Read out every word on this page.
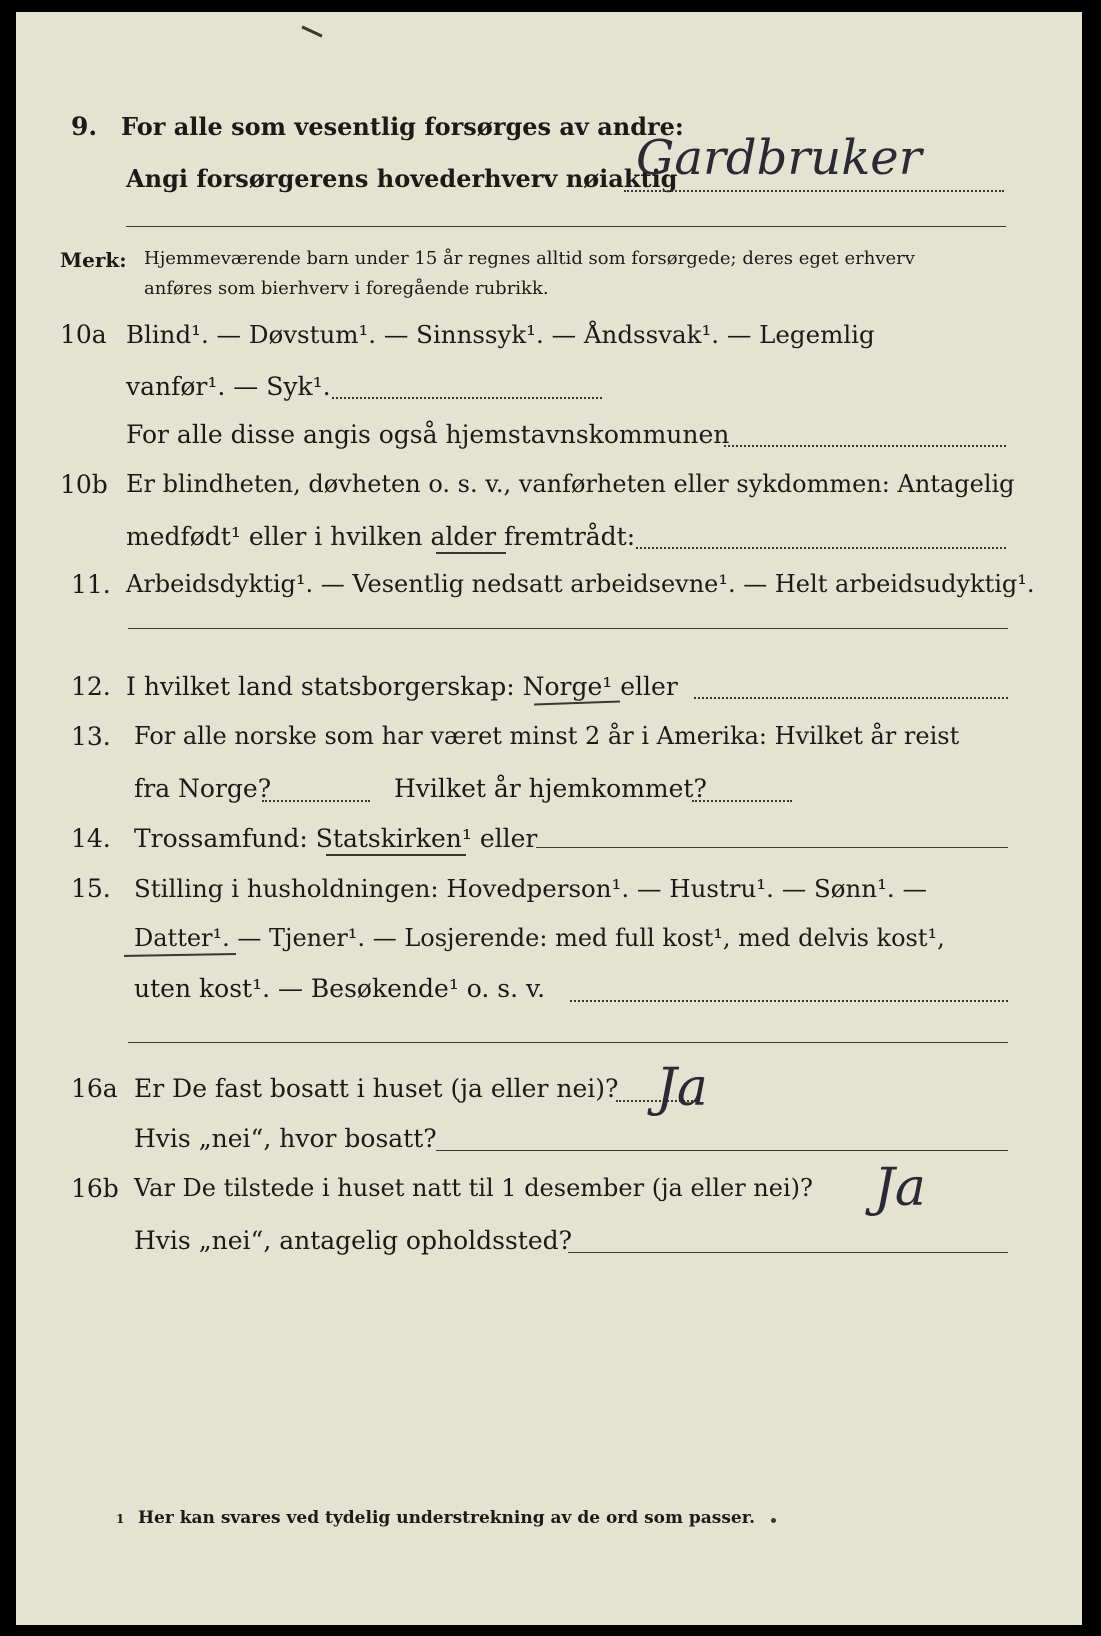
9. For alle som vesentlig forsørges av andre:
Angi forsørgerens hovederhverv nøiaktig
Gardbruker
Merk: Hjemmeværende barn under 15 år regnes alltid som forsørgede; deres eget erhverv
anføres som bierhverv i foregående rubrikk.
10a Blind¹. — Døvstum¹. — Sinnssyk¹. — Åndssvak¹. — Legemlig
vanfør¹. — Syk¹.
For alle disse angis også hjemstavnskommunen
10b Er blindheten, døvheten o. s. v., vanførheten eller sykdommen: Antagelig
medfødt¹ eller i hvilken alder fremtrådt:
11. Arbeidsdyktig¹. — Vesentlig nedsatt arbeidsevne¹. — Helt arbeidsudyktig¹.
12. I hvilket land statsborgerskap: Norge¹ eller
13. For alle norske som har været minst 2 år i Amerika: Hvilket år reist
fra Norge?	Hvilket år hjemkommet?
14. Trossamfund: Statskirken¹ eller
15. Stilling i husholdningen: Hovedperson¹. — Hustru¹. — Sønn¹. —
Datter¹. — Tjener¹. — Losjerende: med full kost¹, med delvis kost¹,
uten kost¹. — Besøkende¹ o. s. v.
16a Er De fast bosatt i huset (ja eller nei)? Ja
Hvis „nei“, hvor bosatt?
16b Var De tilstede i huset natt til 1 desember (ja eller nei)? Ja
Hvis „nei“, antagelig opholdssted?
1 Her kan svares ved tydelig understrekning av de ord som passer.
